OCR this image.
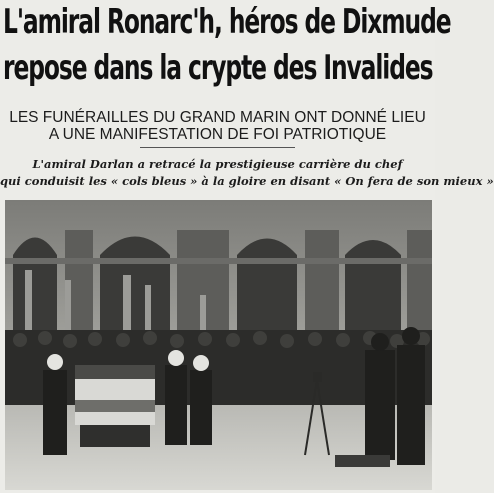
L'amiral Ronarc'h, héros de Dixmude
repose dans la crypte des Invalides
LES FUNÉRAILLES DU GRAND MARIN ONT DONNÉ LIEU
A UNE MANIFESTATION DE FOI PATRIOTIQUE
L'amiral Darlan a retracé la prestigieuse carrière du chef
qui conduisit les « cols bleus » à la gloire en disant « On fera de son mieux »
